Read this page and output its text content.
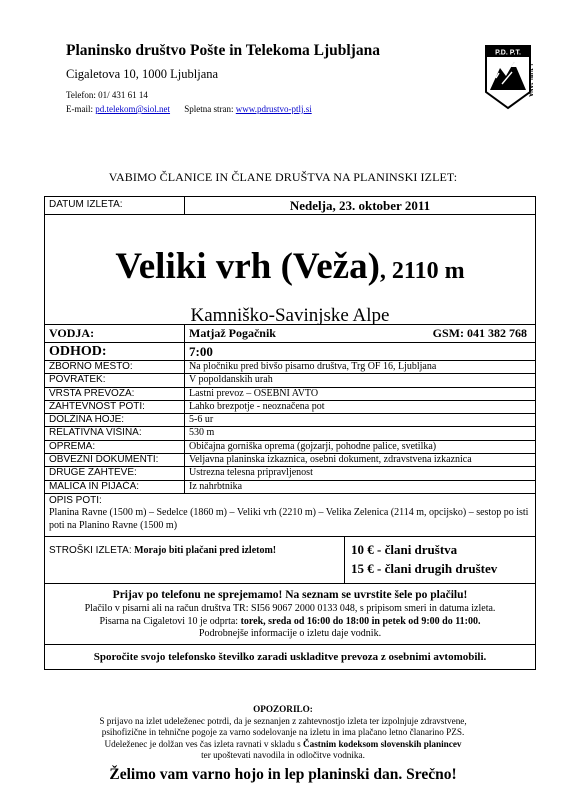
Planinsko društvo Pošte in Telekoma Ljubljana
Cigaletova 10, 1000 Ljubljana
Telefon: 01/ 431 61 14
E-mail: pd.telekom@siol.net Spletna stran: www.pdrustvo-ptlj.si
P.D. P.T.
LJUBLJANA
VABIMO ČLANICE IN ČLANE DRUŠTVA NA PLANINSKI IZLET:
DATUM IZLETA:	Nedelja, 23. oktober 2011
Veliki vrh (Veža), 2110 m
Kamniško-Savinjske Alpe
VODJA:	Matjaž Pogačnik	GSM: 041 382 768
ODHOD:	7:00
ZBORNO MESTO:	Na pločniku pred bivšo pisarno društva, Trg OF 16, Ljubljana
POVRATEK:	V popoldanskih urah
VRSTA PREVOZA:	Lastni prevoz – OSEBNI AVTO
ZAHTEVNOST POTI:	Lahko brezpotje - neoznačena pot
DOLŽINA HOJE:	5-6 ur
RELATIVNA VIŠINA:	530 m
OPREMA:	Običajna gorniška oprema (gojzarji, pohodne palice, svetilka)
OBVEZNI DOKUMENTI:	Veljavna planinska izkaznica, osebni dokument, zdravstvena izkaznica
DRUGE ZAHTEVE:	Ustrezna telesna pripravljenost
MALICA IN PIJAČA:	Iz nahrbtnika
OPIS POTI:
Planina Ravne (1500 m) – Sedelce (1860 m) – Veliki vrh (2210 m) – Velika Zelenica (2114 m, opcijsko) – sestop po isti poti na Planino Ravne (1500 m)
STROŠKI IZLETA: Morajo biti plačani pred izletom!	10 € - člani društva
15 € - člani drugih društev
Prijav po telefonu ne sprejemamo! Na seznam se uvrstite šele po plačilu!
Plačilo v pisarni ali na račun društva TR: SI56 9067 2000 0133 048, s pripisom smeri in datuma izleta.
Pisarna na Cigaletovi 10 je odprta: torek, sreda od 16:00 do 18:00 in petek od 9:00 do 11:00.
Podrobnejše informacije o izletu daje vodnik.
Sporočite svojo telefonsko številko zaradi uskladitve prevoza z osebnimi avtomobili.
OPOZORILO:
S prijavo na izlet udeleženec potrdi, da je seznanjen z zahtevnostjo izleta ter izpolnjuje zdravstvene,
psihofizične in tehnične pogoje za varno sodelovanje na izletu in ima plačano letno članarino PZS.
Udeleženec je dolžan ves čas izleta ravnati v skladu s Častnim kodeksom slovenskih planincev
ter upoštevati navodila in odločitve vodnika.
Želimo vam varno hojo in lep planinski dan. Srečno!
